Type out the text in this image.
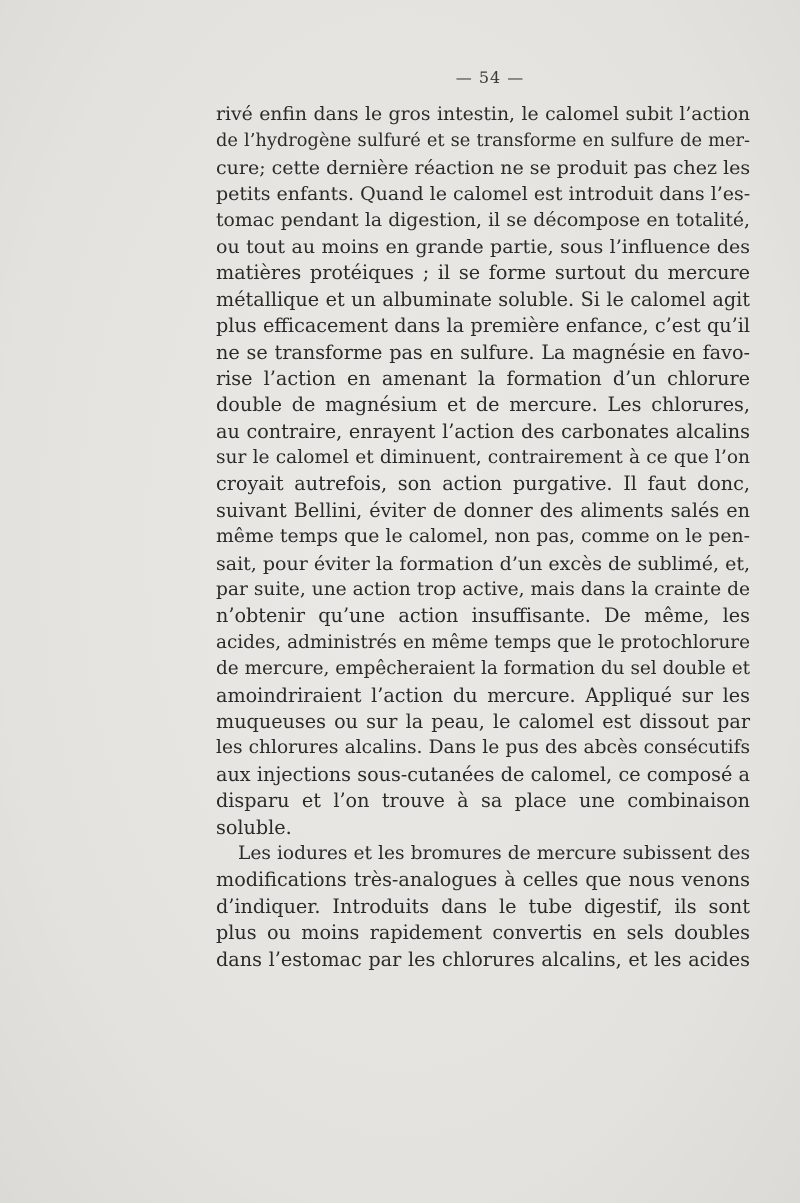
— 54 —
rivé enfin dans le gros intestin, le calomel subit l’action
de l’hydrogène sulfuré et se transforme en sulfure de mer-
cure; cette dernière réaction ne se produit pas chez les
petits enfants. Quand le calomel est introduit dans l’es-
tomac pendant la digestion, il se décompose en totalité,
ou tout au moins en grande partie, sous l’influence des
matières protéiques ; il se forme surtout du mercure
métallique et un albuminate soluble. Si le calomel agit
plus efficacement dans la première enfance, c’est qu’il
ne se transforme pas en sulfure. La magnésie en favo-
rise l’action en amenant la formation d’un chlorure
double de magnésium et de mercure. Les chlorures,
au contraire, enrayent l’action des carbonates alcalins
sur le calomel et diminuent, contrairement à ce que l’on
croyait autrefois, son action purgative. Il faut donc,
suivant Bellini, éviter de donner des aliments salés en
même temps que le calomel, non pas, comme on le pen-
sait, pour éviter la formation d’un excès de sublimé, et,
par suite, une action trop active, mais dans la crainte de
n’obtenir qu’une action insuffisante. De même, les
acides, administrés en même temps que le protochlorure
de mercure, empêcheraient la formation du sel double et
amoindriraient l’action du mercure. Appliqué sur les
muqueuses ou sur la peau, le calomel est dissout par
les chlorures alcalins. Dans le pus des abcès consécutifs
aux injections sous-cutanées de calomel, ce composé a
disparu et l’on trouve à sa place une combinaison
soluble.
Les iodures et les bromures de mercure subissent des
modifications très-analogues à celles que nous venons
d’indiquer. Introduits dans le tube digestif, ils sont
plus ou moins rapidement convertis en sels doubles
dans l’estomac par les chlorures alcalins, et les acides
